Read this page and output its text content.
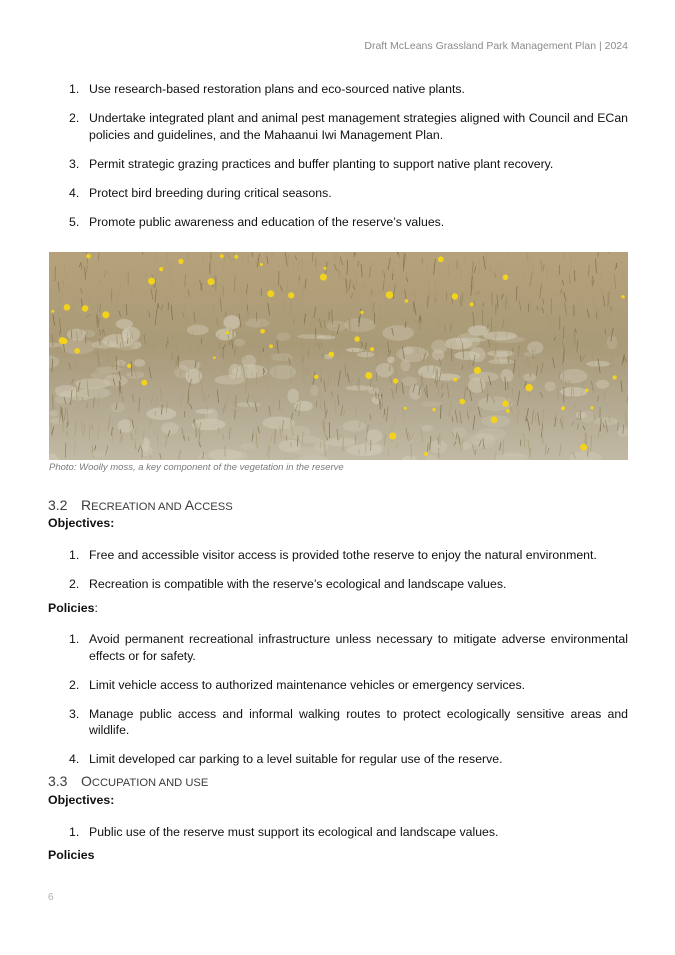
Draft McLeans Grassland Park Management Plan | 2024
1. Use research-based restoration plans and eco-sourced native plants.
2. Undertake integrated plant and animal pest management strategies aligned with Council and ECan policies and guidelines, and the Mahaanui Iwi Management Plan.
3. Permit strategic grazing practices and buffer planting to support native plant recovery.
4. Protect bird breeding during critical seasons.
5. Promote public awareness and education of the reserve’s values.
Photo: Woolly moss, a key component of the vegetation in the reserve
3.2 RECREATION AND ACCESS
Objectives:
1. Free and accessible visitor access is provided tothe reserve to enjoy the natural environment.
2. Recreation is compatible with the reserve’s ecological and landscape values.
Policies:
1. Avoid permanent recreational infrastructure unless necessary to mitigate adverse environmental effects or for safety.
2. Limit vehicle access to authorized maintenance vehicles or emergency services.
3. Manage public access and informal walking routes to protect ecologically sensitive areas and wildlife.
4. Limit developed car parking to a level suitable for regular use of the reserve.
3.3 OCCUPATION AND USE
Objectives:
1. Public use of the reserve must support its ecological and landscape values.
Policies
6
